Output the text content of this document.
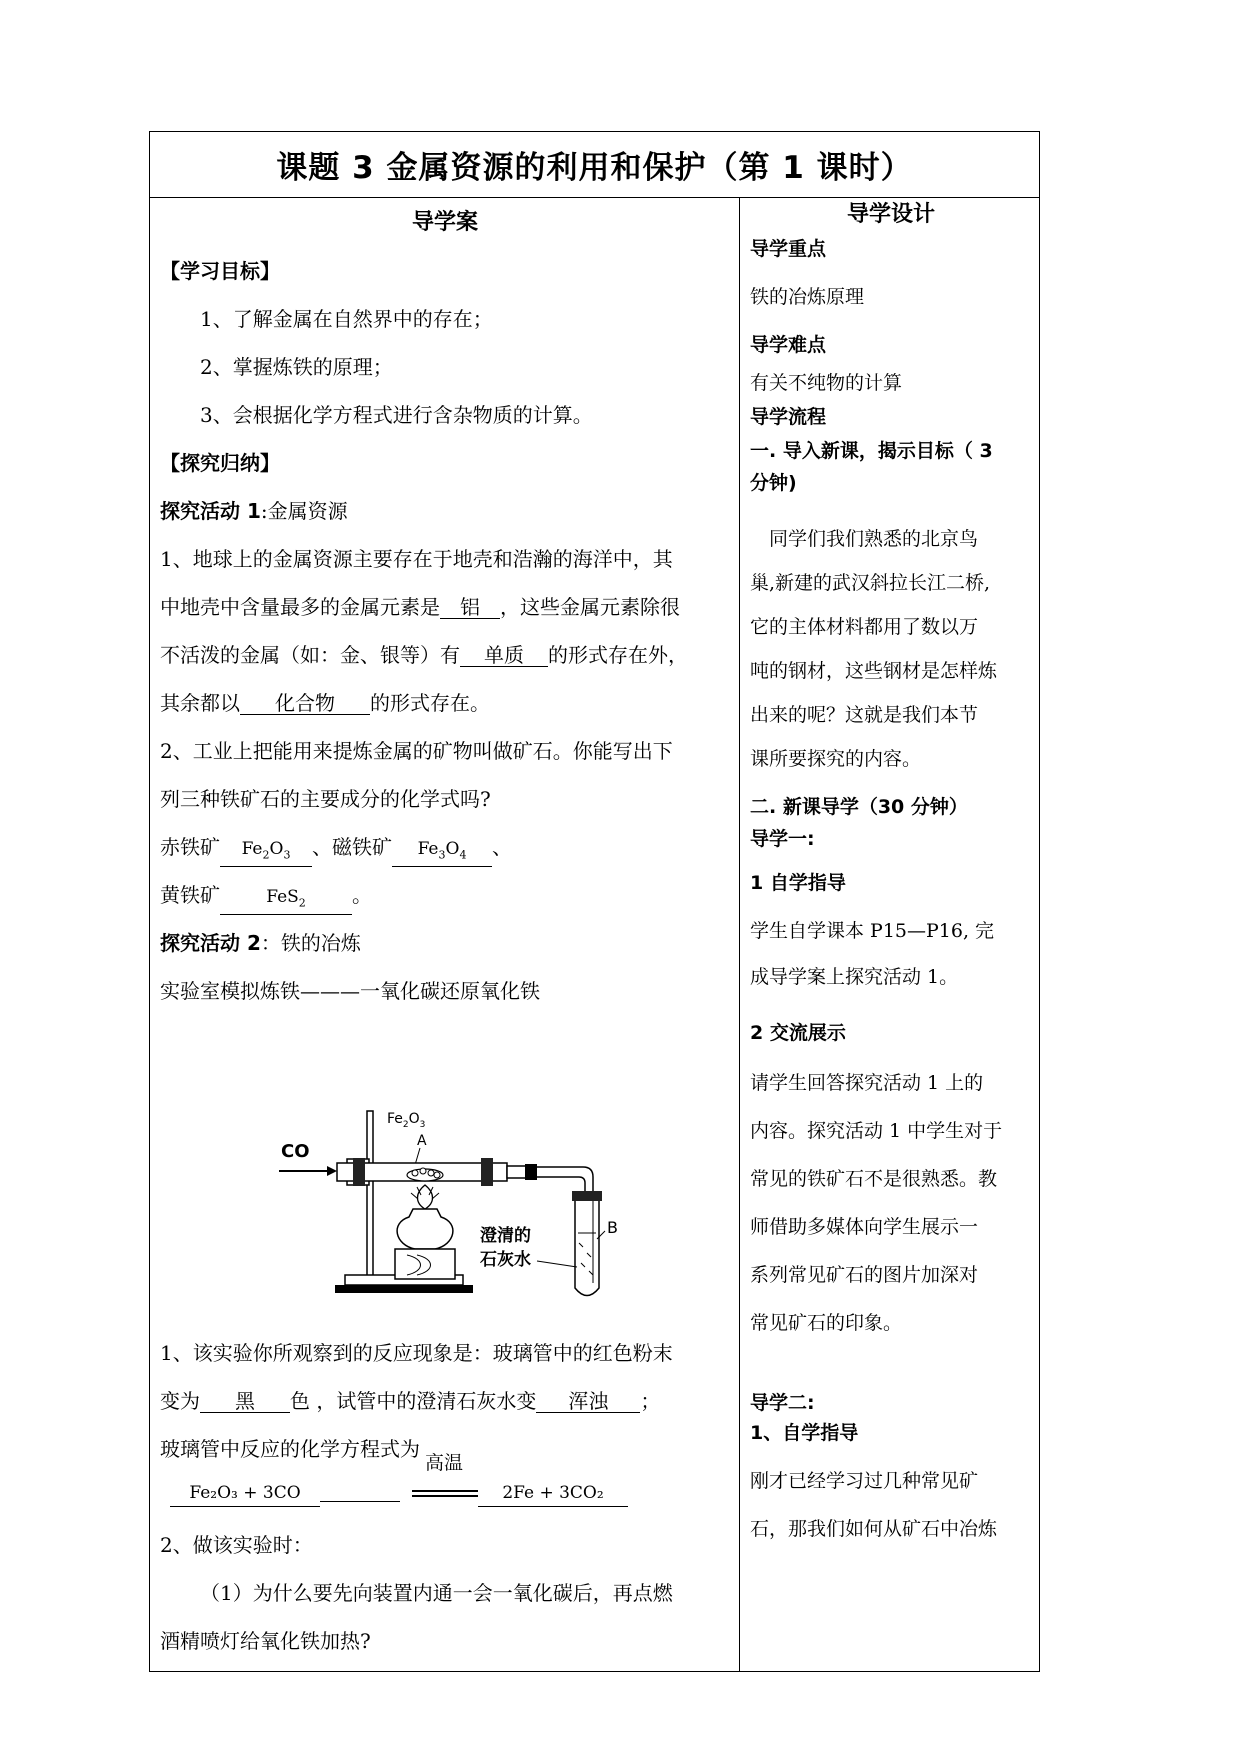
课题 3 金属资源的利用和保护（第 1 课时）
导学案
【学习目标】
1、了解金属在自然界中的存在；
2、掌握炼铁的原理；
3、会根据化学方程式进行含杂物质的计算。
【探究归纳】
探究活动 1:金属资源
1、地球上的金属资源主要存在于地壳和浩瀚的海洋中，其
中地壳中含量最多的金属元素是 铝 ，这些金属元素除很
不活泼的金属（如：金、银等）有 单质 的形式存在外，
其余都以 化合物 的形式存在。
2、工业上把能用来提炼金属的矿物叫做矿石。你能写出下
列三种铁矿石的主要成分的化学式吗?
赤铁矿 $Fe_2O_3$ 、磁铁矿 $Fe_3O_4$ 、
黄铁矿	FeS$_2$ 。
探究活动 2：铁的冶炼
实验室模拟炼铁———一氧化碳还原氧化铁
CO
$Fe_2O_3$
A
B
澄清的
石灰水
1、该实验你所观察到的反应现象是：玻璃管中的红色粉末
变为 黑 色 ，试管中的澄清石灰水变 浑浊 ；
玻璃管中反应的化学方程式为
高温
Fe₂O₃ + 3CO	2Fe + 3CO₂
2、做该实验时：
（1）为什么要先向装置内通一会一氧化碳后，再点燃
酒精喷灯给氧化铁加热?
导学设计
导学重点
铁的冶炼原理
导学难点
有关不纯物的计算
导学流程
一. 导入新课，揭示目标（ 3
分钟)
　同学们我们熟悉的北京鸟
巢,新建的武汉斜拉长江二桥,
它的主体材料都用了数以万
吨的钢材，这些钢材是怎样炼
出来的呢？这就是我们本节
课所要探究的内容。
二. 新课导学（30 分钟）
导学一:
1 自学指导
学生自学课本 P15—P16, 完
成导学案上探究活动 1。
2 交流展示
请学生回答探究活动 1 上的
内容。探究活动 1 中学生对于
常见的铁矿石不是很熟悉。教
师借助多媒体向学生展示一
系列常见矿石的图片加深对
常见矿石的印象。
导学二:
1、自学指导
刚才已经学习过几种常见矿
石，那我们如何从矿石中冶炼
